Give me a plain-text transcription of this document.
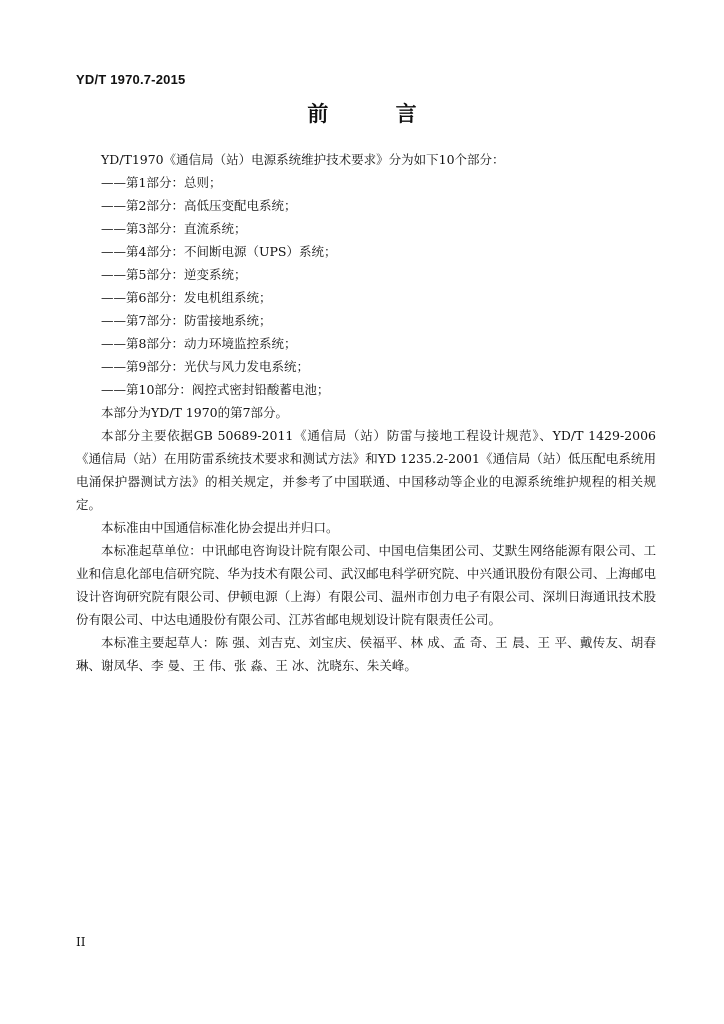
YD/T 1970.7-2015
前 言

YD/T1970《通信局（站）电源系统维护技术要求》分为如下10个部分：

——第1部分：总则；
——第2部分：高低压变配电系统；
——第3部分：直流系统；
——第4部分：不间断电源（UPS）系统；
——第5部分：逆变系统；
——第6部分：发电机组系统；
——第7部分：防雷接地系统；
——第8部分：动力环境监控系统；
——第9部分：光伏与风力发电系统；
——第10部分：阀控式密封铅酸蓄电池；

本部分为YD/T 1970的第7部分。

本部分主要依据GB 50689-2011《通信局（站）防雷与接地工程设计规范》、YD/T 1429-2006《通信局（站）在用防雷系统技术要求和测试方法》和YD 1235.2-2001《通信局（站）低压配电系统用电涌保护器测试方法》的相关规定，并参考了中国联通、中国移动等企业的电源系统维护规程的相关规定。

本标准由中国通信标准化协会提出并归口。

本标准起草单位：中讯邮电咨询设计院有限公司、中国电信集团公司、艾默生网络能源有限公司、工业和信息化部电信研究院、华为技术有限公司、武汉邮电科学研究院、中兴通讯股份有限公司、上海邮电设计咨询研究院有限公司、伊顿电源（上海）有限公司、温州市创力电子有限公司、深圳日海通讯技术股份有限公司、中达电通股份有限公司、江苏省邮电规划设计院有限责任公司。

本标准主要起草人：陈 强、刘吉克、刘宝庆、侯福平、林 成、孟 奇、王 晨、王 平、戴传友、胡春琳、谢凤华、李 曼、王 伟、张 淼、王 冰、沈晓东、朱关峰。

II
